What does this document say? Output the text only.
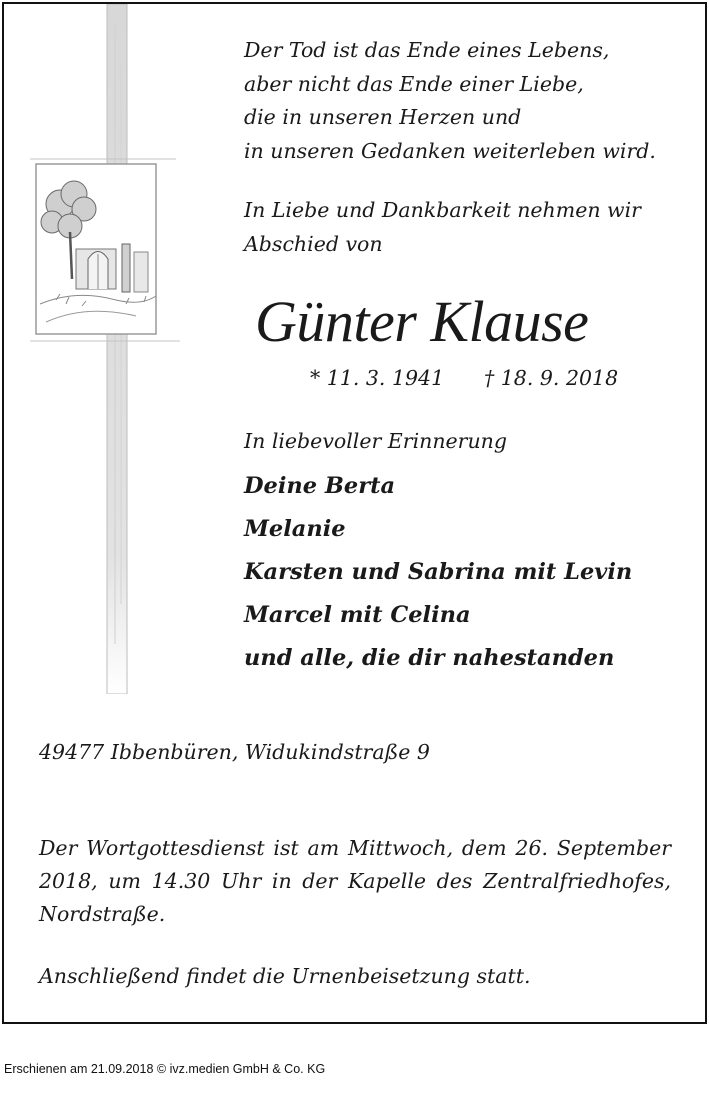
Der Tod ist das Ende eines Lebens,
aber nicht das Ende einer Liebe,
die in unseren Herzen und
in unseren Gedanken weiterleben wird.
In Liebe und Dankbarkeit nehmen wir
Abschied von
Günter Klause
* 11. 3. 1941 † 18. 9. 2018
In liebevoller Erinnerung
Deine Berta
Melanie
Karsten und Sabrina mit Levin
Marcel mit Celina
und alle, die dir nahestanden
49477 Ibbenbüren, Widukindstraße 9
Der Wortgottesdienst ist am Mittwoch, dem 26. September 2018, um 14.30 Uhr in der Kapelle des Zentralfriedhofes, Nordstraße.
Anschließend findet die Urnenbeisetzung statt.
Erschienen am 21.09.2018 © ivz.medien GmbH & Co. KG
